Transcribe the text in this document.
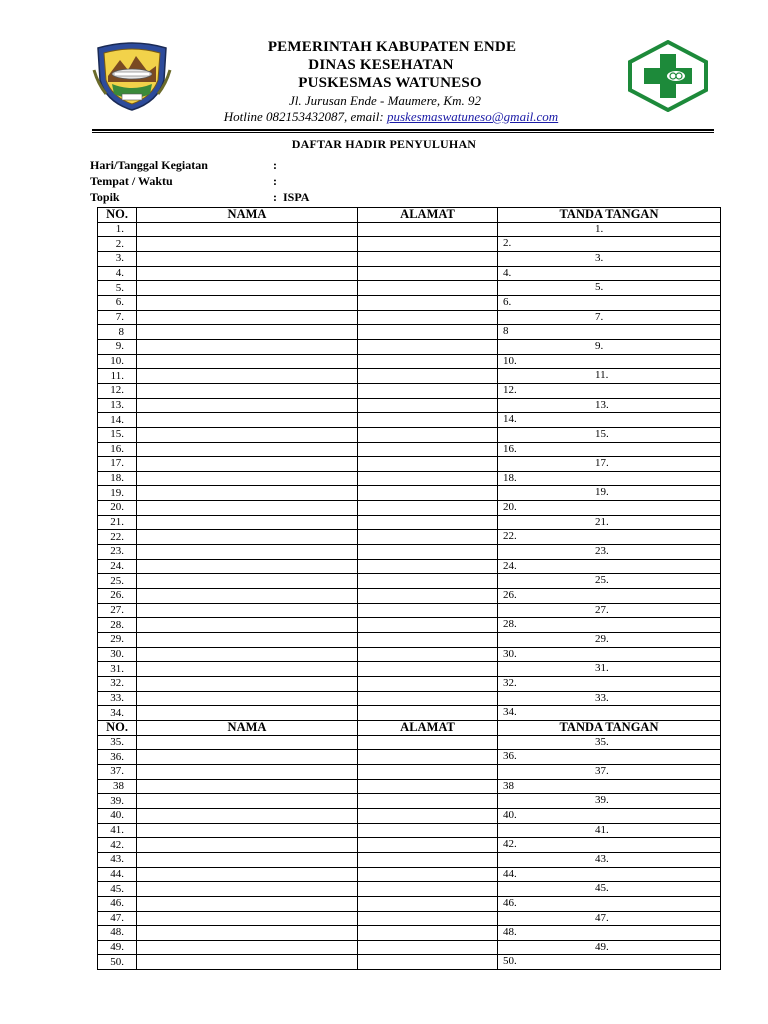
PEMERINTAH KABUPATEN ENDE
DINAS KESEHATAN
PUSKESMAS WATUNESO
Jl. Jurusan Ende - Maumere, Km. 92
Hotline 082153432087, email: puskesmaswatuneso@gmail.com
DAFTAR HADIR PENYULUHAN
Hari/Tanggal Kegiatan	:
Tempat / Waktu	:
Topik	: ISPA
NO.	NAMA	ALAMAT	TANDA TANGAN
1.			1.

2.			2.

3.			3.

4.			4.

5.			5.

6.			6.

7.			7.

8			8

9.			9.

10.			10.

11.			11.

12.			12.

13.			13.

14.			14.

15.			15.

16.			16.

17.			17.

18.			18.

19.			19.

20.			20.

21.			21.

22.			22.

23.			23.

24.			24.

25.			25.

26.			26.

27.			27.

28.			28.

29.			29.

30.			30.

31.			31.

32.			32.

33.			33.

34.			34.

NO.	NAMA	ALAMAT	TANDA TANGAN
35.			35.

36.			36.

37.			37.

38			38

39.			39.

40.			40.

41.			41.

42.			42.

43.			43.

44.			44.

45.			45.

46.			46.

47.			47.

48.			48.

49.			49.

50.			50.
